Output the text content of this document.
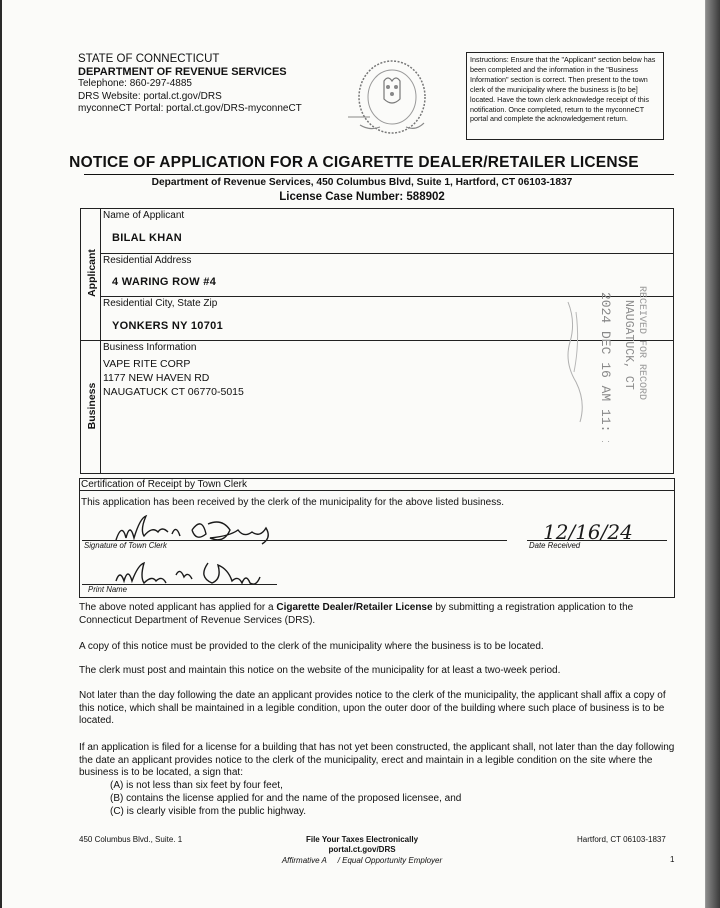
STATE OF CONNECTICUT
DEPARTMENT OF REVENUE SERVICES
Telephone: 860-297-4885
DRS Website: portal.ct.gov/DRS
myconneCT Portal: portal.ct.gov/DRS-myconneCT
Instructions: Ensure that the "Applicant" section below has been completed and the information in the "Business Information" section is correct. Then present to the town clerk of the municipality where the business is [to be] located. Have the town clerk acknowledge receipt of this notification. Once completed, return to the myconneCT portal and complete the acknowledgement return.
NOTICE OF APPLICATION FOR A CIGARETTE DEALER/RETAILER LICENSE
Department of Revenue Services, 450 Columbus Blvd, Suite 1, Hartford, CT 06103-1837
License Case Number: 588902
Applicant
Business
Name of Applicant
BILAL KHAN
Residential Address
4 WARING ROW #4
Residential City, State Zip
YONKERS NY 10701
Business Information
VAPE RITE CORP
1177 NEW HAVEN RD
NAUGATUCK CT 06770-5015	2024 DEC 16 AM 11: 16 NAUGATUCK, CT RECEIVED FOR RECORD
Certification of Receipt by Town Clerk
This application has been received by the clerk of the municipality for the above listed business.
Signature of Town Clerk
12/16/24
Date Received
Print Name
The above noted applicant has applied for a Cigarette Dealer/Retailer License by submitting a registration application to the Connecticut Department of Revenue Services (DRS).
A copy of this notice must be provided to the clerk of the municipality where the business is to be located.
The clerk must post and maintain this notice on the website of the municipality for at least a two-week period.
Not later than the day following the date an applicant provides notice to the clerk of the municipality, the applicant shall affix a copy of this notice, which shall be maintained in a legible condition, upon the outer door of the building where such place of business is to be located.
If an application is filed for a license for a building that has not yet been constructed, the applicant shall, not later than the day following the date an applicant provides notice to the clerk of the municipality, erect and maintain in a legible condition on the site where the business is to be located, a sign that:
(A) is not less than six feet by four feet,
(B) contains the license applied for and the name of the proposed licensee, and
(C) is clearly visible from the public highway.
450 Columbus Blvd., Suite. 1	File Your Taxes Electronically
portal.ct.gov/DRS
Affirmative A     / Equal Opportunity Employer
Hartford, CT 06103-1837
1
